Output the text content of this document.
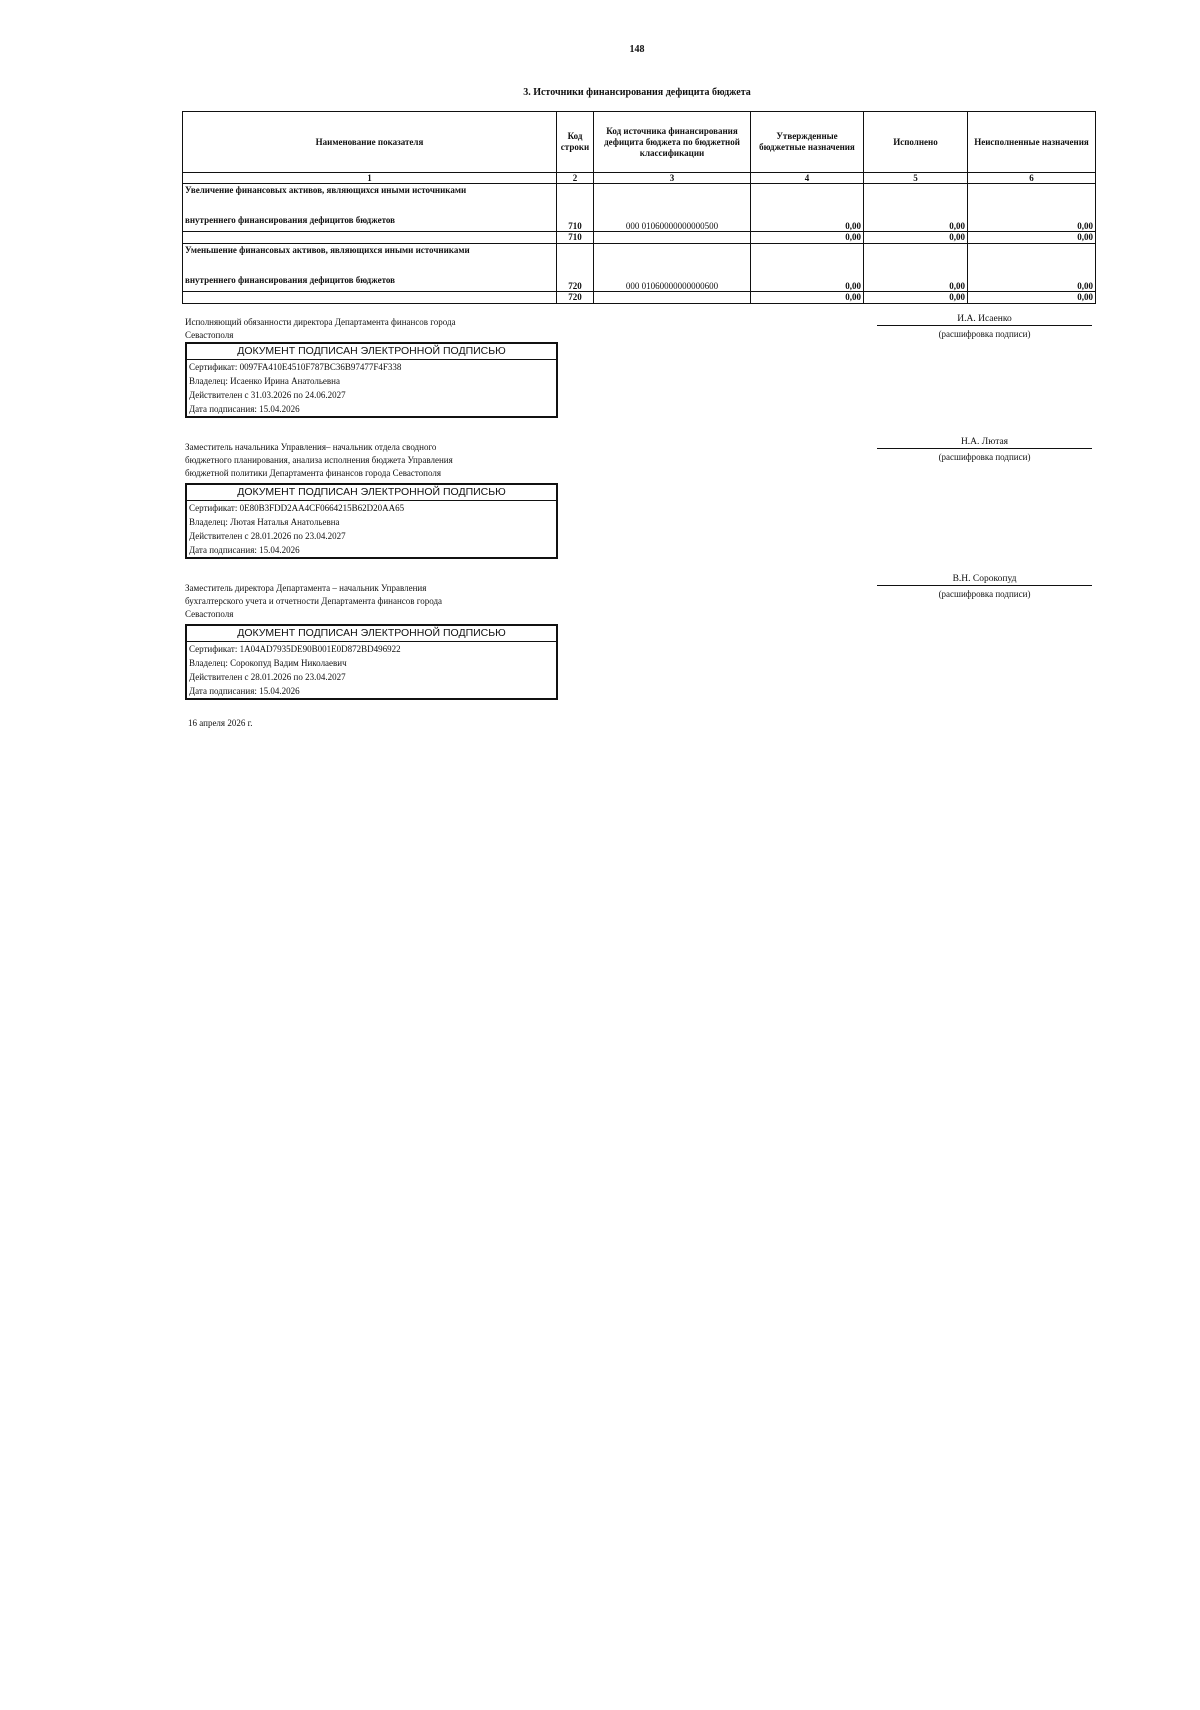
148
3. Источники финансирования дефицита бюджета
Наименование показателя	Код строки	Код источника финансирования дефицита бюджета по бюджетной классификации	Утвержденные бюджетные назначения	Исполнено	Неисполненные назначения
1	2	3	4	5	6
Увеличение финансовых активов, являющихся иными источниками
внутреннего финансирования дефицитов бюджетов	710	000 01060000000000500	0,00	0,00	0,00
	710		0,00	0,00	0,00
Уменьшение финансовых активов, являющихся иными источниками
внутреннего финансирования дефицитов бюджетов	720	000 01060000000000600	0,00	0,00	0,00
	720		0,00	0,00	0,00
Исполняющий обязанности директора Департамента финансов города
Севастополя
ДОКУМЕНТ ПОДПИСАН ЭЛЕКТРОННОЙ ПОДПИСЬЮ
Сертификат: 0097FA410E4510F787BC36B97477F4F338
Владелец: Исаенко Ирина Анатольевна
Действителен с 31.03.2026 по 24.06.2027
Дата подписания: 15.04.2026
И.А. Исаенко
(расшифровка подписи)
Заместитель начальника Управления– начальник отдела сводного
бюджетного планирования, анализа исполнения бюджета Управления
бюджетной политики Департамента финансов города Севастополя
ДОКУМЕНТ ПОДПИСАН ЭЛЕКТРОННОЙ ПОДПИСЬЮ
Сертификат: 0E80B3FDD2AA4CF0664215B62D20AA65
Владелец: Лютая Наталья Анатольевна
Действителен с 28.01.2026 по 23.04.2027
Дата подписания: 15.04.2026
Н.А. Лютая
(расшифровка подписи)
Заместитель директора Департамента – начальник Управления
бухгалтерского учета и отчетности Департамента финансов города
Севастополя
ДОКУМЕНТ ПОДПИСАН ЭЛЕКТРОННОЙ ПОДПИСЬЮ
Сертификат: 1A04AD7935DE90B001E0D872BD496922
Владелец: Сорокопуд Вадим Николаевич
Действителен с 28.01.2026 по 23.04.2027
Дата подписания: 15.04.2026
В.Н. Сорокопуд
(расшифровка подписи)
16 апреля 2026 г.
